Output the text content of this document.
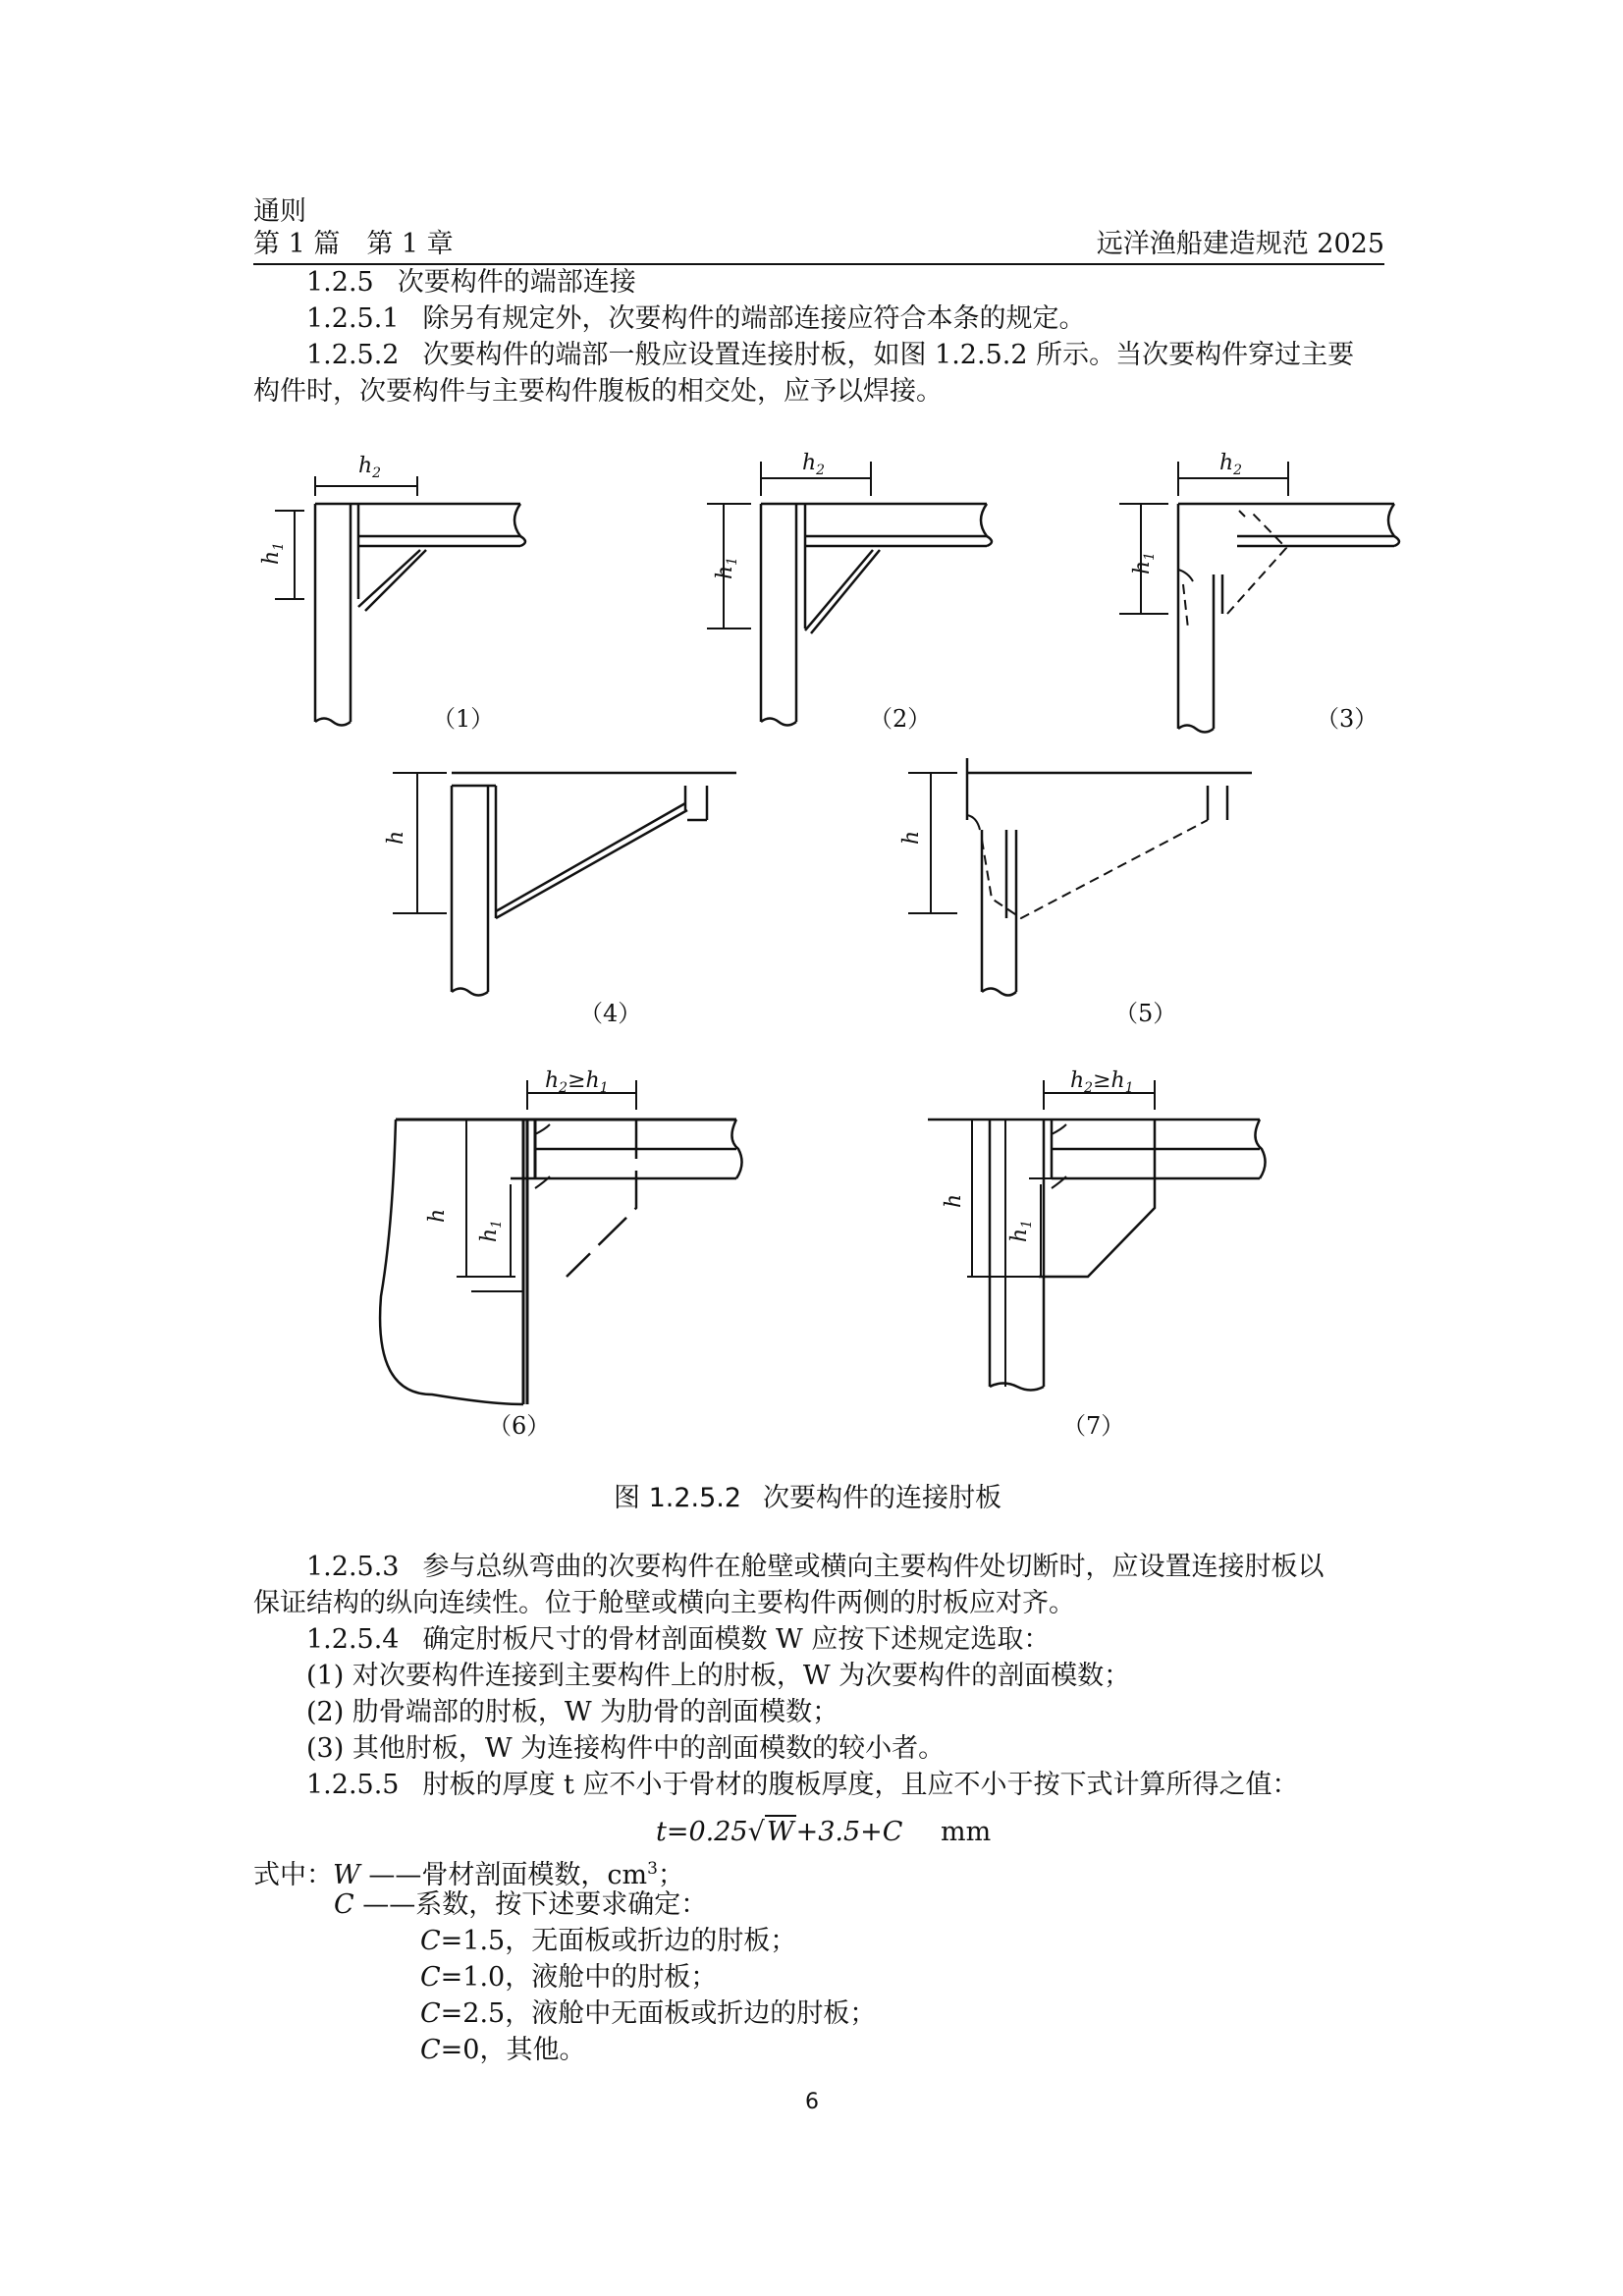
通则
第 1 篇　第 1 章	远洋渔船建造规范 2025
1.2.5 次要构件的端部连接
1.2.5.1 除另有规定外，次要构件的端部连接应符合本条的规定。
1.2.5.2 次要构件的端部一般应设置连接肘板，如图 1.2.5.2 所示。当次要构件穿过主要
构件时，次要构件与主要构件腹板的相交处，应予以焊接。
$h_2$
$h_1$
$h_2$
$h_1$
$h_2$
$h_1$
h	h
$h_2\ge h_1$
h
$h_1$
$h_2\ge h_1$
h
$h_1$
（1）	（2）	（3）
（4）	（5）
（6）	（7）
图 1.2.5.2 次要构件的连接肘板
1.2.5.3 参与总纵弯曲的次要构件在舱壁或横向主要构件处切断时，应设置连接肘板以
保证结构的纵向连续性。位于舱壁或横向主要构件两侧的肘板应对齐。
1.2.5.4 确定肘板尺寸的骨材剖面模数 W 应按下述规定选取：
(1) 对次要构件连接到主要构件上的肘板，W 为次要构件的剖面模数；
(2) 肋骨端部的肘板，W 为肋骨的剖面模数；
(3) 其他肘板，W 为连接构件中的剖面模数的较小者。
1.2.5.5 肘板的厚度 t 应不小于骨材的腹板厚度，且应不小于按下式计算所得之值：
t=0.25√W+3.5+C mm
式中：W ——骨材剖面模数，$cm^3$；
C ——系数，按下述要求确定：
C=1.5，无面板或折边的肘板；
C=1.0，液舱中的肘板；
C=2.5，液舱中无面板或折边的肘板；
C=0，其他。
6
